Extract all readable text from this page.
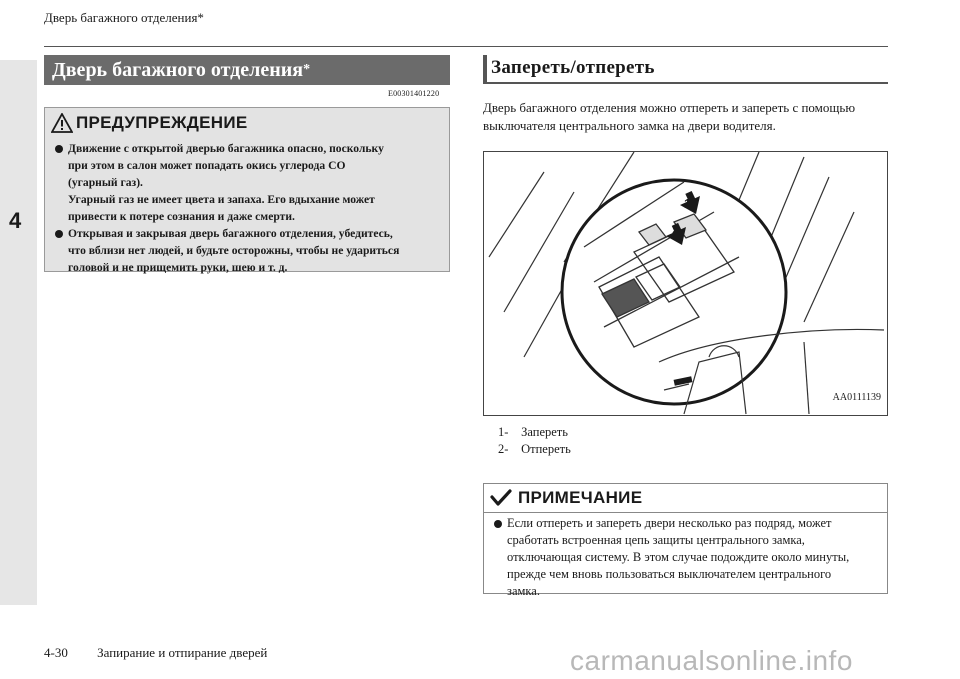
Дверь багажного отделения*
4
Дверь багажного отделения*
E00301401220
ПРЕДУПРЕЖДЕНИЕ
Движение с открытой дверью багажника опасно, поскольку
при этом в салон может попадать окись углерода CO
(угарный газ).
Угарный газ не имеет цвета и запаха. Его вдыхание может
привести к потере сознания и даже смерти.
Открывая и закрывая дверь багажного отделения, убедитесь,
что вблизи нет людей, и будьте осторожны, чтобы не удариться
головой и не прищемить руки, шею и т. д.
Запереть/отпереть
Дверь багажного отделения можно отпереть и запереть с помощью
выключателя центрального замка на двери водителя.
1
2
AA0111139
1- Запереть
2- Отпереть
ПРИМЕЧАНИЕ
Если отпереть и запереть двери несколько раз подряд, может
сработать встроенная цепь защиты центрального замка,
отключающая систему. В этом случае подождите около минуты,
прежде чем вновь пользоваться выключателем центрального
замка.
4-30 Запирание и отпирание дверей	carmanualsonline.info
